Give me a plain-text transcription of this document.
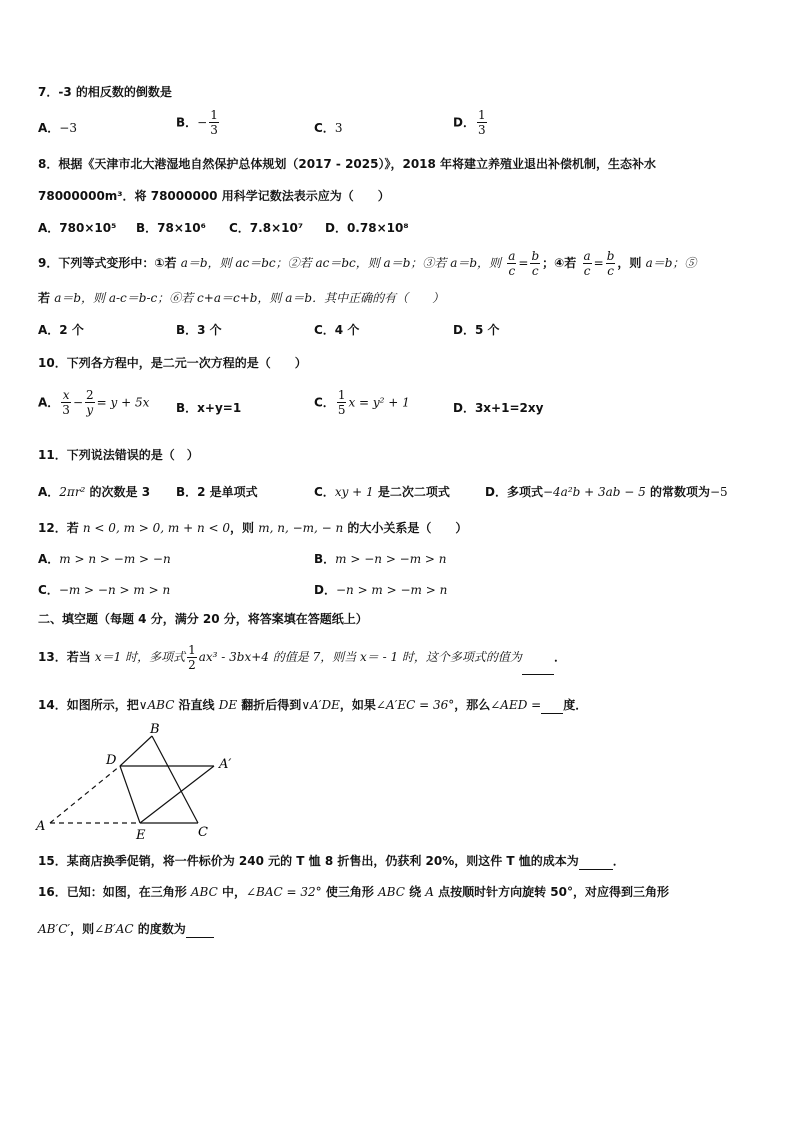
7．-3 的相反数的倒数是
A．−3	B．− $\frac{1}{3}$	C．3	D． $\frac{1}{3}$
8．根据《天津市北大港湿地自然保护总体规划（2017 - 2025）》，2018 年将建立养殖业退出补偿机制，生态补水
78000000m³．将 78000000 用科学记数法表示应为（　　）
A．780×10⁵ B．78×10⁶ C．7.8×10⁷ D．0.78×10⁸
9．下列等式变形中：①若 a＝b，则 ac＝bc；②若 ac＝bc，则 a＝b；③若 a＝b，则 $\frac{a}{c} = \frac{b}{c}$ ；④若 $\frac{a}{c} = \frac{b}{c}$ ，则 a＝b；⑤
若 a＝b，则 a-c＝b-c；⑥若 c+a＝c+b，则 a＝b．其中正确的有（　　）
A．2 个	B．3 个	C．4 个	D．5 个
10．下列各方程中，是二元一次方程的是（　　）
A． $\frac{x}{3} - \frac{2}{y} = y + 5x$ B．x+y=1	C． $\frac{1}{5}$ x = y² + 1	D．3x+1=2xy
11．下列说法错误的是（　）
A．2πr² 的次数是 3 B．2 是单项式	C．xy + 1 是二次二项式	D．多项式−4a²b + 3ab − 5 的常数项为−5
12．若 n < 0, m > 0, m + n < 0，则 m, n, −m, − n 的大小关系是（　　）
A．m > n > −m > −n	B．m > −n > −m > n
C．−m > −n > m > n	D．−n > m > −m > n
二、填空题（每题 4 分，满分 20 分，将答案填在答题纸上）
13．若当 x＝1 时，多项式 $\frac{1}{2} ax^3 - 3bx+4$ 的值是 7，则当 x＝ - 1 时，这个多项式的值为	．
14．如图所示，把∨ABC 沿直线 DE 翻折后得到∨A′DE，如果∠A′EC = 36°，那么∠AED = 度．
A
B
C
D
E
A′
15．某商店换季促销，将一件标价为 240 元的 T 恤 8 折售出，仍获利 20%，则这件 T 恤的成本为	．
16．已知：如图，在三角形 ABC 中，∠BAC = 32° 使三角形 ABC 绕 A 点按顺时针方向旋转 50°，对应得到三角形
AB′C′，则∠B′AC 的度数为
